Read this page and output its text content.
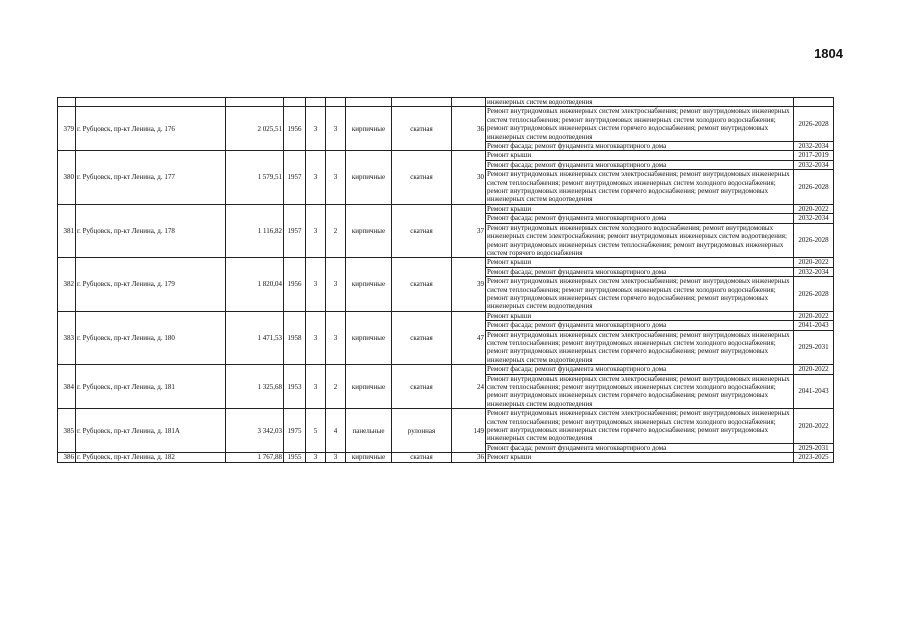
1804
									инженерных систем водоотведения	
379	г. Рубцовск, пр-кт Ленина, д. 176	2 025,51	1956	3	3	кирпичные	скатная	36	Ремонт внутридомовых инженерных систем электроснабжения; ремонт внутридомовых инженерных систем теплоснабжения; ремонт внутридомовых инженерных систем холодного водоснабжения; ремонт внутридомовых инженерных систем горячего водоснабжения; ремонт внутридомовых инженерных систем водоотведения	2026-2028
									Ремонт фасада; ремонт фундамента многоквартирного дома	2032-2034
380	г. Рубцовск, пр-кт Ленина, д. 177	1 579,51	1957	3	3	кирпичные	скатная	30	Ремонт крыши	2017-2019
									Ремонт фасада; ремонт фундамента многоквартирного дома	2032-2034
									Ремонт внутридомовых инженерных систем электроснабжения; ремонт внутридомовых инженерных систем теплоснабжения; ремонт внутридомовых инженерных систем холодного водоснабжения; ремонт внутридомовых инженерных систем горячего водоснабжения; ремонт внутридомовых инженерных систем водоотведения	2026-2028
381	г. Рубцовск, пр-кт Ленина, д. 178	1 116,82	1957	3	2	кирпичные	скатная	37	Ремонт крыши	2020-2022
									Ремонт фасада; ремонт фундамента многоквартирного дома	2032-2034
									Ремонт внутридомовых инженерных систем холодного водоснабжения; ремонт внутридомовых инженерных систем электроснабжения; ремонт внутридомовых инженерных систем водоотведения; ремонт внутридомовых инженерных систем теплоснабжения; ремонт внутридомовых инженерных систем горячего водоснабжения	2026-2028
382	г. Рубцовск, пр-кт Ленина, д. 179	1 820,04	1956	3	3	кирпичные	скатная	39	Ремонт крыши	2020-2022
									Ремонт фасада; ремонт фундамента многоквартирного дома	2032-2034
									Ремонт внутридомовых инженерных систем электроснабжения; ремонт внутридомовых инженерных систем теплоснабжения; ремонт внутридомовых инженерных систем холодного водоснабжения; ремонт внутридомовых инженерных систем горячего водоснабжения; ремонт внутридомовых инженерных систем водоотведения	2026-2028
383	г. Рубцовск, пр-кт Ленина, д. 180	1 471,53	1958	3	3	кирпичные	скатная	47	Ремонт крыши	2020-2022
									Ремонт фасада; ремонт фундамента многоквартирного дома	2041-2043
									Ремонт внутридомовых инженерных систем электроснабжения; ремонт внутридомовых инженерных систем теплоснабжения; ремонт внутридомовых инженерных систем холодного водоснабжения; ремонт внутридомовых инженерных систем горячего водоснабжения; ремонт внутридомовых инженерных систем водоотведения	2029-2031
384	г. Рубцовск, пр-кт Ленина, д. 181	1 325,68	1953	3	2	кирпичные	скатная	24	Ремонт фасада; ремонт фундамента многоквартирного дома	2020-2022
									Ремонт внутридомовых инженерных систем электроснабжения; ремонт внутридомовых инженерных систем теплоснабжения; ремонт внутридомовых инженерных систем холодного водоснабжения; ремонт внутридомовых инженерных систем горячего водоснабжения; ремонт внутридомовых инженерных систем водоотведения	2041-2043
385	г. Рубцовск, пр-кт Ленина, д. 181А	3 342,03	1975	5	4	панельные	рулонная	149	Ремонт внутридомовых инженерных систем электроснабжения; ремонт внутридомовых инженерных систем теплоснабжения; ремонт внутридомовых инженерных систем холодного водоснабжения; ремонт внутридомовых инженерных систем горячего водоснабжения; ремонт внутридомовых инженерных систем водоотведения	2020-2022
									Ремонт фасада; ремонт фундамента многоквартирного дома	2029-2031
386	г. Рубцовск, пр-кт Ленина, д. 182	1 767,88	1955	3	3	кирпичные	скатная	36	Ремонт крыши	2023-2025
